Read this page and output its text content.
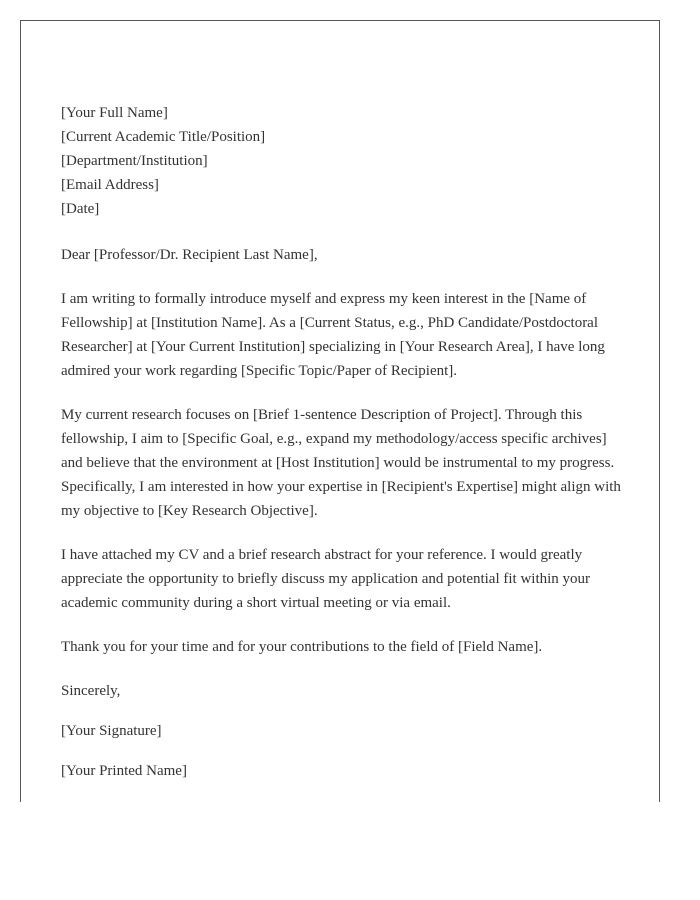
[Your Full Name]
[Current Academic Title/Position]
[Department/Institution]
[Email Address]
[Date]

Dear [Professor/Dr. Recipient Last Name],

I am writing to formally introduce myself and express my keen interest in the [Name of Fellowship] at [Institution Name]. As a [Current Status, e.g., PhD Candidate/Postdoctoral Researcher] at [Your Current Institution] specializing in [Your Research Area], I have long admired your work regarding [Specific Topic/Paper of Recipient].

My current research focuses on [Brief 1-sentence Description of Project]. Through this fellowship, I aim to [Specific Goal, e.g., expand my methodology/access specific archives] and believe that the environment at [Host Institution] would be instrumental to my progress. Specifically, I am interested in how your expertise in [Recipient's Expertise] might align with my objective to [Key Research Objective].

I have attached my CV and a brief research abstract for your reference. I would greatly appreciate the opportunity to briefly discuss my application and potential fit within your academic community during a short virtual meeting or via email.

Thank you for your time and for your contributions to the field of [Field Name].

Sincerely,

[Your Signature]

[Your Printed Name]
